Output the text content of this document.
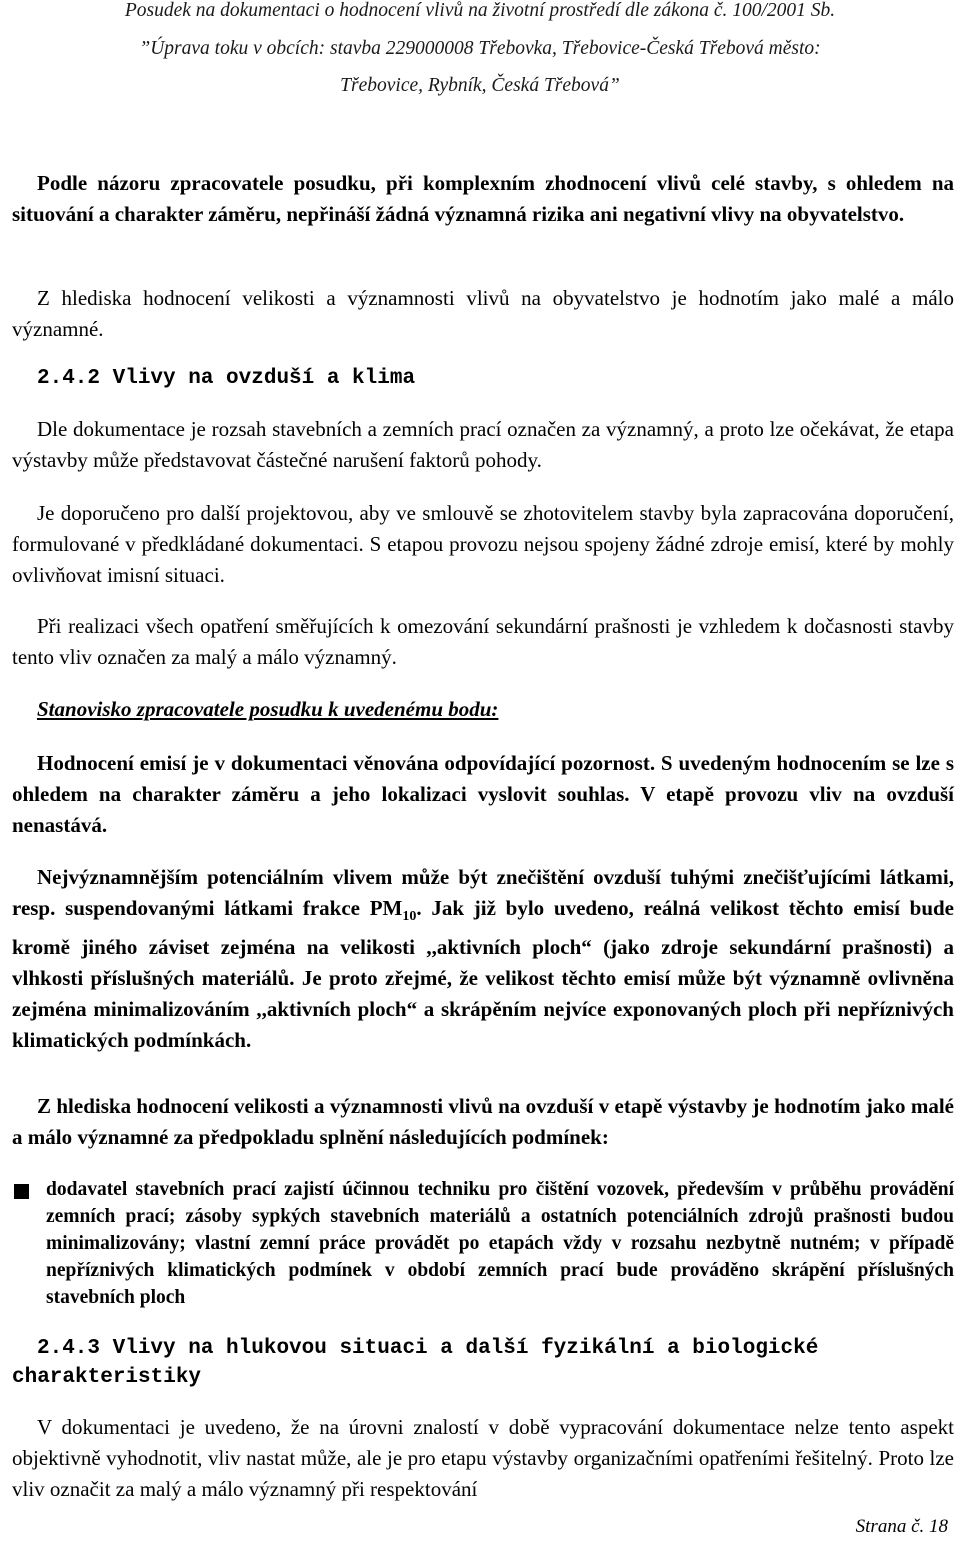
Posudek na dokumentaci o hodnocení vlivů na životní prostředí dle zákona č. 100/2001 Sb.
”Úprava toku v obcích: stavba 229000008 Třebovka, Třebovice-Česká Třebová město:
Třebovice, Rybník, Česká Třebová”

Podle názoru zpracovatele posudku, při komplexním zhodnocení vlivů celé stavby, s ohledem na situování a charakter záměru, nepřináší žádná významná rizika ani negativní vlivy na obyvatelstvo.

Z hlediska hodnocení velikosti a významnosti vlivů na obyvatelstvo je hodnotím jako malé a málo významné.

2.4.2 Vlivy na ovzduší a klima

Dle dokumentace je rozsah stavebních a zemních prací označen za významný, a proto lze očekávat, že etapa výstavby může představovat částečné narušení faktorů pohody.

Je doporučeno pro další projektovou, aby ve smlouvě se zhotovitelem stavby byla zapracována doporučení, formulované v předkládané dokumentaci. S etapou provozu nejsou spojeny žádné zdroje emisí, které by mohly ovlivňovat imisní situaci.

Při realizaci všech opatření směřujících k omezování sekundární prašnosti je vzhledem k dočasnosti stavby tento vliv označen za malý a málo významný.

Stanovisko zpracovatele posudku k uvedenému bodu:

Hodnocení emisí je v dokumentaci věnována odpovídající pozornost. S uvedeným hodnocením se lze s ohledem na charakter záměru a jeho lokalizaci vyslovit souhlas. V etapě provozu vliv na ovzduší nenastává.

Nejvýznamnějším potenciálním vlivem může být znečištění ovzduší tuhými znečišťujícími látkami, resp. suspendovanými látkami frakce $PM_{10}$. Jak již bylo uvedeno, reálná velikost těchto emisí bude kromě jiného záviset zejména na velikosti ,,aktivních ploch“ (jako zdroje sekundární prašnosti) a vlhkosti příslušných materiálů. Je proto zřejmé, že velikost těchto emisí může být významně ovlivněna zejména minimalizováním ,,aktivních ploch“ a skrápěním nejvíce exponovaných ploch při nepříznivých klimatických podmínkách.

Z hlediska hodnocení velikosti a významnosti vlivů na ovzduší v etapě výstavby je hodnotím jako malé a málo významné za předpokladu splnění následujících podmínek:

dodavatel stavebních prací zajistí účinnou techniku pro čištění vozovek, především v průběhu provádění zemních prací; zásoby sypkých stavebních materiálů a ostatních potenciálních zdrojů prašnosti budou minimalizovány; vlastní zemní práce provádět po etapách vždy v rozsahu nezbytně nutném; v případě nepříznivých klimatických podmínek v období zemních prací bude prováděno skrápění příslušných stavebních ploch

2.4.3 Vlivy na hlukovou situaci a další fyzikální a biologické charakteristiky

V dokumentaci je uvedeno, že na úrovni znalostí v době vypracování dokumentace nelze tento aspekt objektivně vyhodnotit, vliv nastat může, ale je pro etapu výstavby organizačními opatřeními řešitelný. Proto lze vliv označit za malý a málo významný při respektování

Strana č. 18
